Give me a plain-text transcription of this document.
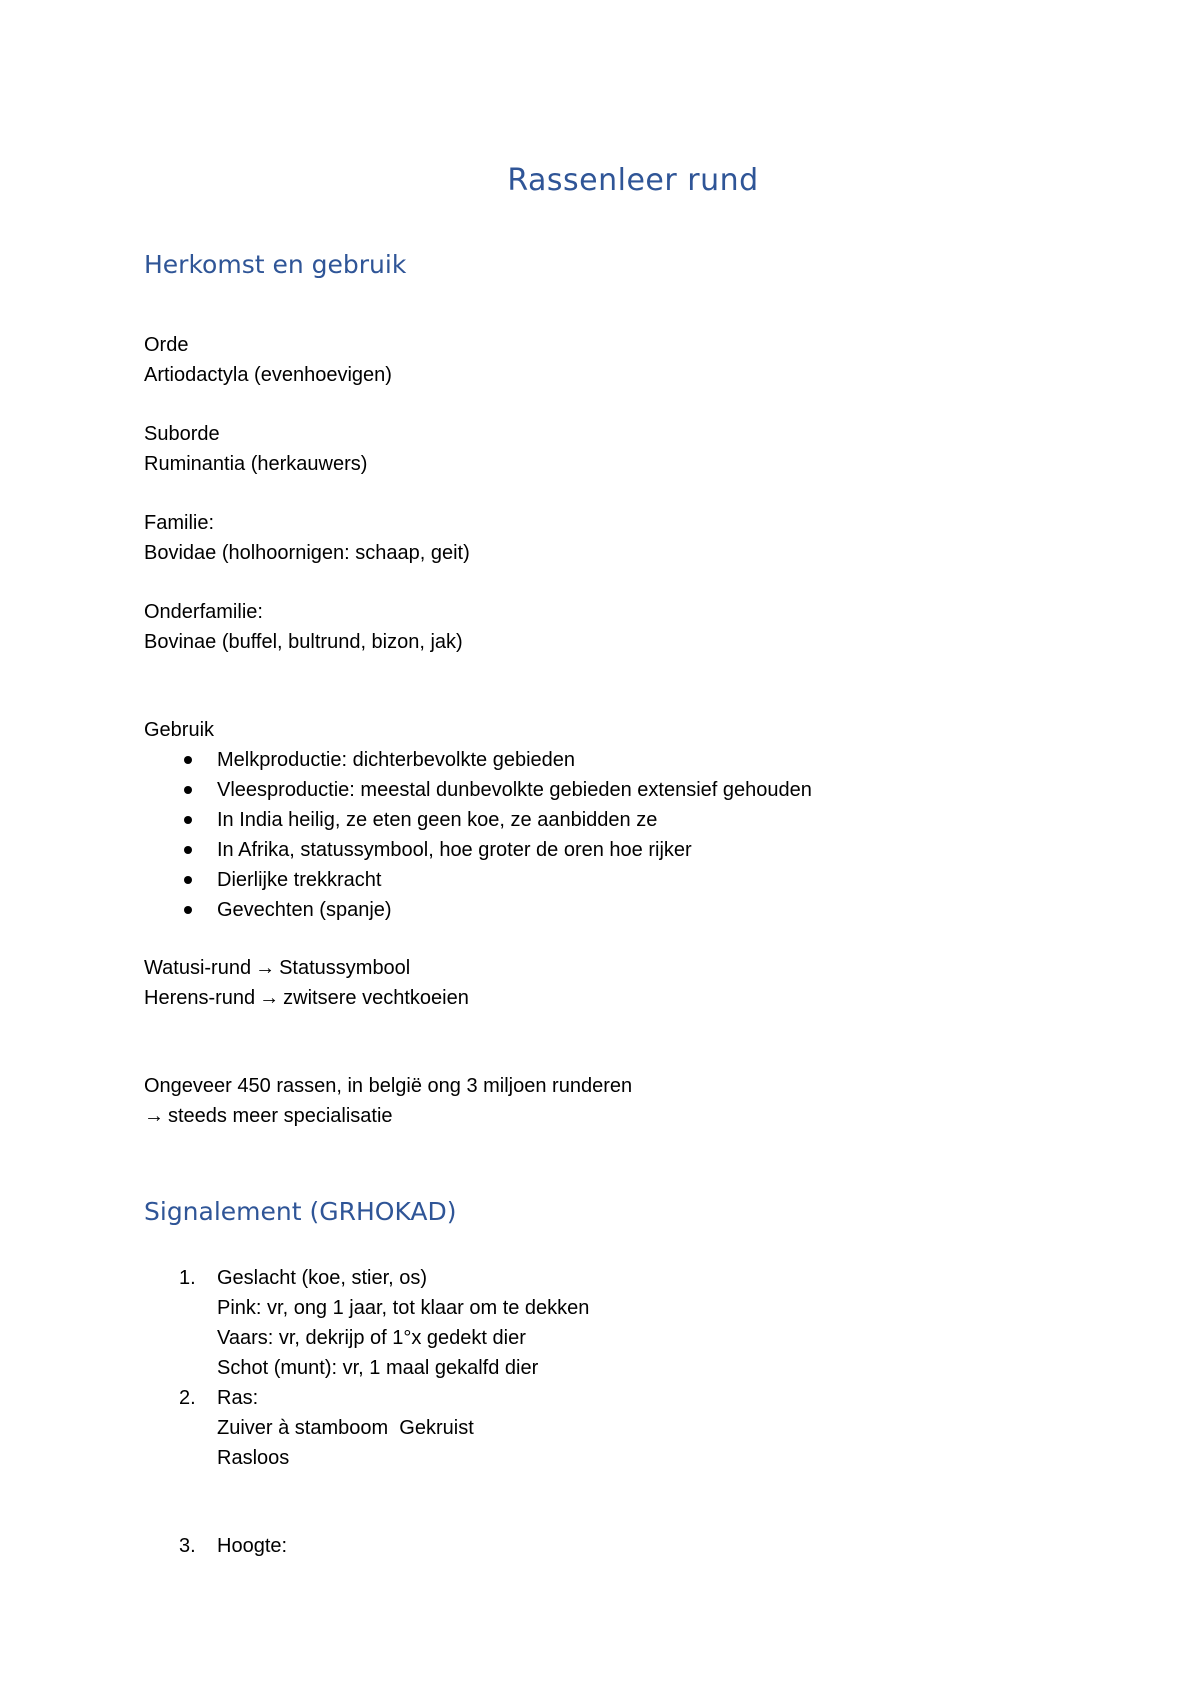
Rassenleer rund
Herkomst en gebruik
Orde
Artiodactyla (evenhoevigen)
Suborde
Ruminantia (herkauwers)
Familie:
Bovidae (holhoornigen: schaap, geit)
Onderfamilie:
Bovinae (buffel, bultrund, bizon, jak)
Gebruik
Melkproductie: dichterbevolkte gebieden
Vleesproductie: meestal dunbevolkte gebieden extensief gehouden
In India heilig, ze eten geen koe, ze aanbidden ze
In Afrika, statussymbool, hoe groter de oren hoe rijker
Dierlijke trekkracht
Gevechten (spanje)
Watusi-rund → Statussymbool
Herens-rund → zwitsere vechtkoeien
Ongeveer 450 rassen, in belgië ong 3 miljoen runderen
→ steeds meer specialisatie
Signalement (GRHOKAD)
1. Geslacht (koe, stier, os)
Pink: vr, ong 1 jaar, tot klaar om te dekken
Vaars: vr, dekrijp of 1°x gedekt dier
Schot (munt): vr, 1 maal gekalfd dier
2. Ras:
Zuiver à stamboom  Gekruist
Rasloos
3. Hoogte:
